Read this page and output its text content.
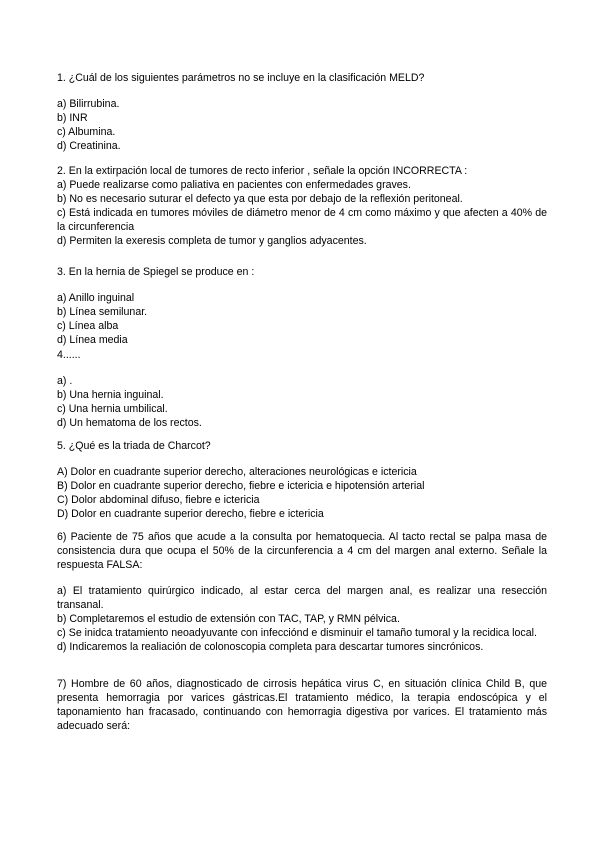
1. ¿Cuál de los siguientes parámetros no se incluye en la clasificación MELD?
a) Bilirrubina.
b) INR
c) Albumina.
d) Creatinina.
2. En la extirpación local de tumores de recto inferior , señale la opción INCORRECTA :
a) Puede realizarse como paliativa en pacientes con enfermedades graves.
b) No es necesario suturar el defecto ya que esta por debajo de la reflexión peritoneal.
c) Está indicada en tumores móviles de diámetro menor de 4 cm como máximo y que afecten a 40% de la circunferencia
d) Permiten la exeresis completa de tumor y ganglios adyacentes.
3. En la hernia de Spiegel se produce en :
a) Anillo inguinal
b) Línea semilunar.
c) Línea alba
d) Línea media
4......
a) .
b) Una hernia inguinal.
c) Una hernia umbilical.
d) Un hematoma de los rectos.
5. ¿Qué es la triada de Charcot?
A) Dolor en cuadrante superior derecho, alteraciones neurológicas e ictericia
B) Dolor en cuadrante superior derecho, fiebre e ictericia e hipotensión arterial
C) Dolor abdominal difuso, fiebre e ictericia
D) Dolor en cuadrante superior derecho, fiebre e ictericia
6) Paciente de 75 años que acude a la consulta por hematoquecia. Al tacto rectal se palpa masa de consistencia dura que ocupa el 50% de la circunferencia a 4 cm del margen anal externo. Señale la respuesta FALSA:
a) El tratamiento quirúrgico indicado, al estar cerca del margen anal, es realizar una resección transanal.
b) Completaremos el estudio de extensión con TAC, TAP, y RMN pélvica.
c) Se inidca tratamiento neoadyuvante con infecciónd e disminuir el tamaño tumoral y la recidica local.
d) Indicaremos la realiación de colonoscopia completa para descartar tumores sincrónicos.
7) Hombre de 60 años, diagnosticado de cirrosis hepática virus C, en situación clínica Child B, que presenta hemorragia por varices gástricas.El tratamiento médico, la terapia endoscópica y el taponamiento han fracasado, continuando con hemorragia digestiva por varices. El tratamiento más adecuado será:
